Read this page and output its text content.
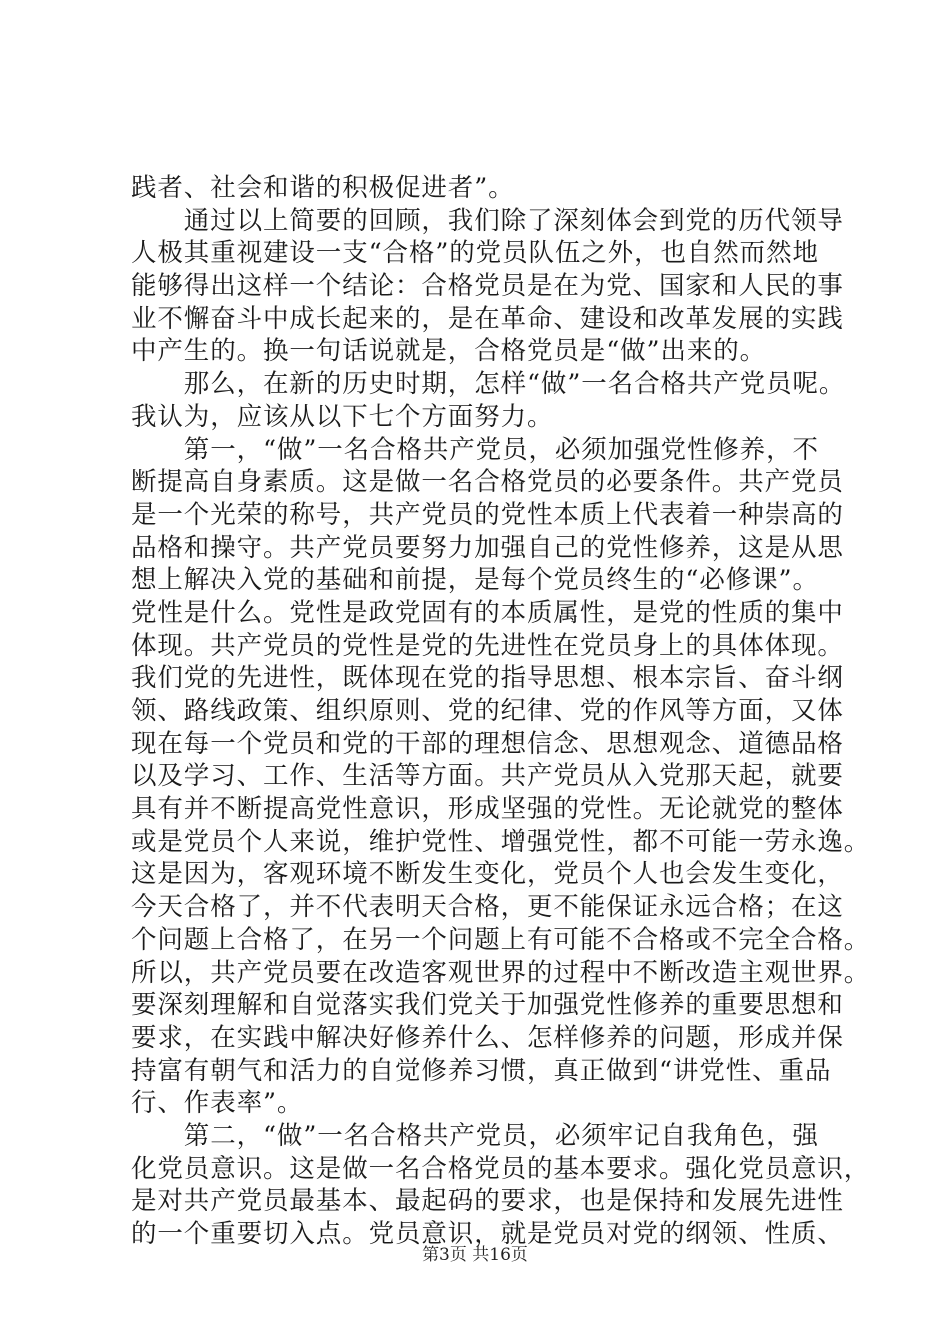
践者、社会和谐的积极促进者”。
　　通过以上简要的回顾，我们除了深刻体会到党的历代领导
人极其重视建设一支“合格”的党员队伍之外，也自然而然地
能够得出这样一个结论：合格党员是在为党、国家和人民的事
业不懈奋斗中成长起来的，是在革命、建设和改革发展的实践
中产生的。换一句话说就是，合格党员是“做”出来的。
　　那么，在新的历史时期，怎样“做”一名合格共产党员呢。
我认为，应该从以下七个方面努力。
　　第一，“做”一名合格共产党员，必须加强党性修养，不
断提高自身素质。这是做一名合格党员的必要条件。共产党员
是一个光荣的称号，共产党员的党性本质上代表着一种崇高的
品格和操守。共产党员要努力加强自己的党性修养，这是从思
想上解决入党的基础和前提，是每个党员终生的“必修课”。
党性是什么。党性是政党固有的本质属性，是党的性质的集中
体现。共产党员的党性是党的先进性在党员身上的具体体现。
我们党的先进性，既体现在党的指导思想、根本宗旨、奋斗纲
领、路线政策、组织原则、党的纪律、党的作风等方面，又体
现在每一个党员和党的干部的理想信念、思想观念、道德品格
以及学习、工作、生活等方面。共产党员从入党那天起，就要
具有并不断提高党性意识，形成坚强的党性。无论就党的整体
或是党员个人来说，维护党性、增强党性，都不可能一劳永逸。
这是因为，客观环境不断发生变化，党员个人也会发生变化，
今天合格了，并不代表明天合格，更不能保证永远合格；在这
个问题上合格了，在另一个问题上有可能不合格或不完全合格。
所以，共产党员要在改造客观世界的过程中不断改造主观世界。
要深刻理解和自觉落实我们党关于加强党性修养的重要思想和
要求，在实践中解决好修养什么、怎样修养的问题，形成并保
持富有朝气和活力的自觉修养习惯，真正做到“讲党性、重品
行、作表率”。
　　第二，“做”一名合格共产党员，必须牢记自我角色，强
化党员意识。这是做一名合格党员的基本要求。强化党员意识，
是对共产党员最基本、最起码的要求，也是保持和发展先进性
的一个重要切入点。党员意识，就是党员对党的纲领、性质、
第3页 共16页
